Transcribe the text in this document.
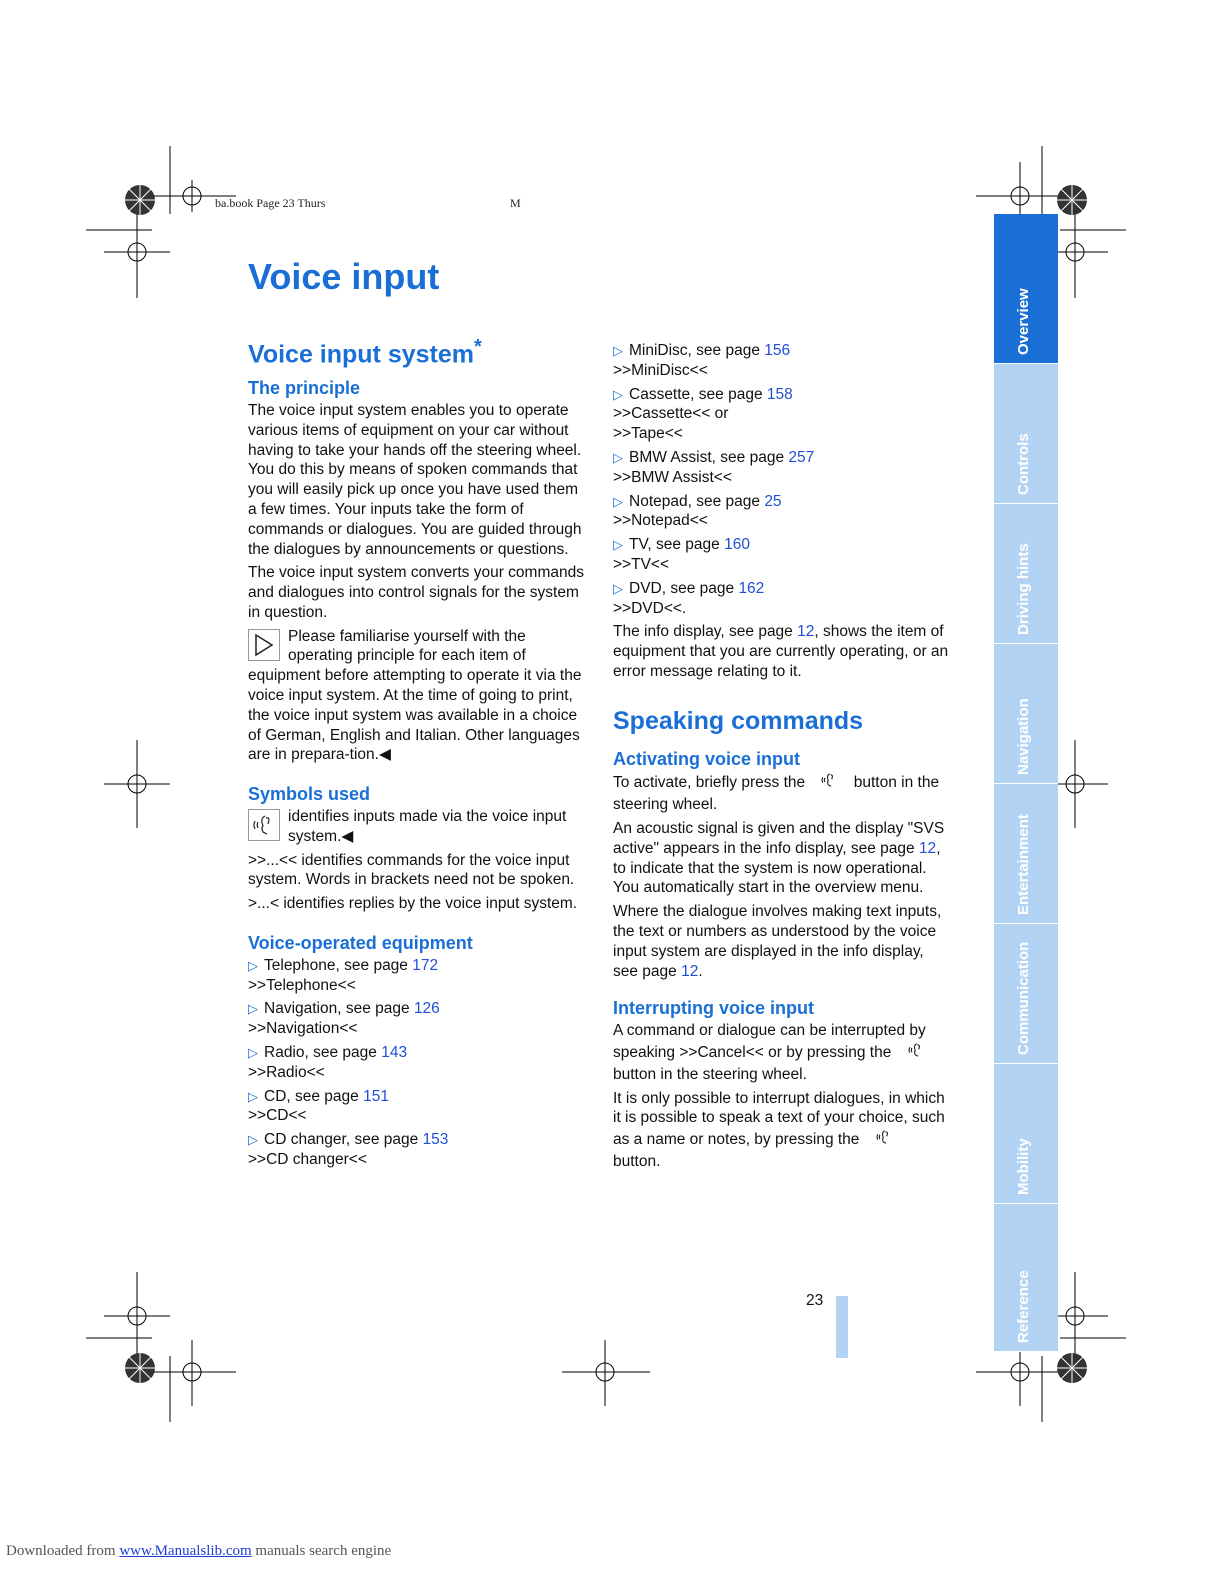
ba.book Page 23 Thurs	M
Voice input
Voice input system*
The principle

The voice input system enables you to operate various items of equipment on your car without having to take your hands off the steering wheel. You do this by means of spoken commands that you will easily pick up once you have used them a few times. Your inputs take the form of commands or dialogues. You are guided through the dialogues by announcements or questions.

The voice input system converts your commands and dialogues into control signals for the system in question.

Please familiarise yourself with the operating principle for each item of equipment before attempting to operate it via the voice input system. At the time of going to print, the voice input system was available in a choice of German, English and Italian. Other languages are in prepara-tion.◀

Symbols used

identifies inputs made via the voice input system.◀

>>...<< identifies commands for the voice input system. Words in brackets need not be spoken.

>...< identifies replies by the voice input system.

Voice-operated equipment
▷ Telephone, see page 172
>>Telephone<<
▷ Navigation, see page 126
>>Navigation<<
▷ Radio, see page 143
>>Radio<<
▷ CD, see page 151
>>CD<<
▷ CD changer, see page 153
>>CD changer<<
▷ MiniDisc, see page 156
>>MiniDisc<<
▷ Cassette, see page 158
>>Cassette<< or
>>Tape<<
▷ BMW Assist, see page 257
>>BMW Assist<<
▷ Notepad, see page 25
>>Notepad<<
▷ TV, see page 160
>>TV<<
▷ DVD, see page 162
>>DVD<<.

The info display, see page 12, shows the item of equipment that you are currently operating, or an error message relating to it.

Speaking commands
Activating voice input

To activate, briefly press the	button in the steering wheel.

An acoustic signal is given and the display "SVS active" appears in the info display, see page 12, to indicate that the system is now operational. You automatically start in the overview menu.

Where the dialogue involves making text inputs, the text or numbers as understood by the voice input system are displayed in the info display, see page 12.

Interrupting voice input

A command or dialogue can be interrupted by speaking >>Cancel<< or by pressing the  button in the steering wheel.

It is only possible to interrupt dialogues, in which it is possible to speak a text of your choice, such as a name or notes, by pressing the  button.

Overview
Controls
Driving hints
Navigation
Entertainment
Communication
Mobility
Reference
23
Downloaded from www.Manualslib.com manuals search engine
